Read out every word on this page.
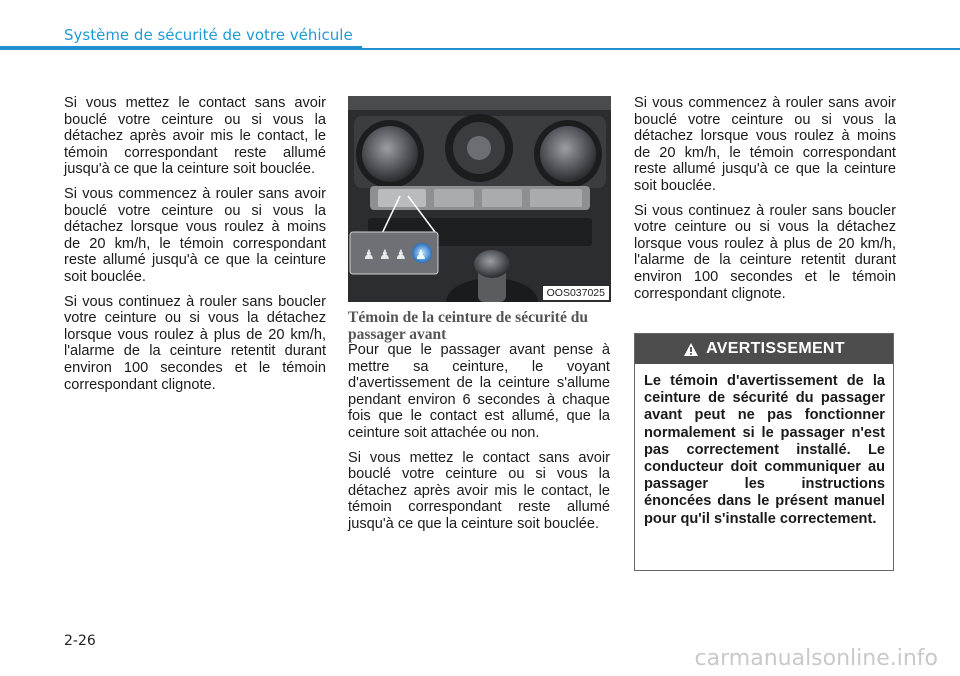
Système de sécurité de votre véhicule

Si vous mettez le contact sans avoir bouclé votre ceinture ou si vous la détachez après avoir mis le contact, le témoin correspondant reste allumé jusqu'à ce que la ceinture soit bouclée.

Si vous commencez à rouler sans avoir bouclé votre ceinture ou si vous la détachez lorsque vous roulez à moins de 20 km/h, le témoin correspondant reste allumé jusqu'à ce que la ceinture soit bouclée.

Si vous continuez à rouler sans boucler votre ceinture ou si vous la détachez lorsque vous roulez à plus de 20 km/h, l'alarme de la ceinture retentit durant environ 100 secondes et le témoin correspondant clignote.

♟ ♟ ♟ ♟
OOS037025
Témoin de la ceinture de sécurité du passager avant

Pour que le passager avant pense à mettre sa ceinture, le voyant d'avertissement de la ceinture s'allume pendant environ 6 secondes à chaque fois que le contact est allumé, que la ceinture soit attachée ou non.

Si vous mettez le contact sans avoir bouclé votre ceinture ou si vous la détachez après avoir mis le contact, le témoin correspondant reste allumé jusqu'à ce que la ceinture soit bouclée.

Si vous commencez à rouler sans avoir bouclé votre ceinture ou si vous la détachez lorsque vous roulez à moins de 20 km/h, le témoin correspondant reste allumé jusqu'à ce que la ceinture soit bouclée.

Si vous continuez à rouler sans boucler votre ceinture ou si vous la détachez lorsque vous roulez à plus de 20 km/h, l'alarme de la ceinture retentit durant environ 100 secondes et le témoin correspondant clignote.

AVERTISSEMENT
Le témoin d'avertissement de la ceinture de sécurité du passager avant peut ne pas fonctionner normalement si le passager n'est pas correctement installé. Le conducteur doit communiquer au passager les instructions énoncées dans le présent manuel pour qu'il s'installe correctement.
2-26
carmanualsonline.info
